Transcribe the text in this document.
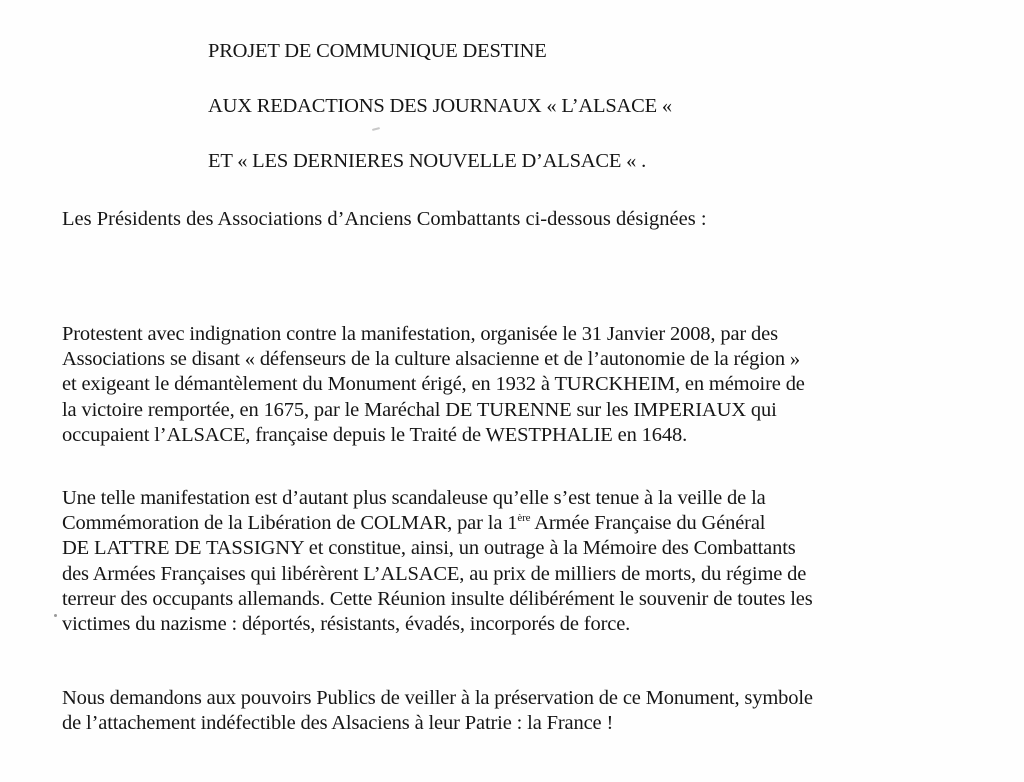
PROJET DE COMMUNIQUE DESTINE
AUX REDACTIONS DES JOURNAUX « L’ALSACE «
ET « LES DERNIERES NOUVELLE D’ALSACE « .
Les Présidents des Associations d’Anciens Combattants ci-dessous désignées :
Protestent avec indignation contre la manifestation, organisée le 31 Janvier 2008, par des
Associations se disant « défenseurs de la culture alsacienne et de l’autonomie de la région »
et exigeant le démantèlement du Monument érigé, en 1932 à TURCKHEIM, en mémoire de
la victoire remportée, en 1675, par le Maréchal DE TURENNE sur les IMPERIAUX qui
occupaient l’ALSACE, française depuis le Traité de WESTPHALIE en 1648.
Une telle manifestation est d’autant plus scandaleuse qu’elle s’est tenue à la veille de la
Commémoration de la Libération de COLMAR, par la 1ère Armée Française du Général
DE LATTRE DE TASSIGNY et constitue, ainsi, un outrage à la Mémoire des Combattants
des Armées Françaises qui libérèrent L’ALSACE, au prix de milliers de morts, du régime de
terreur des occupants allemands. Cette Réunion insulte délibérément le souvenir de toutes les
victimes du nazisme : déportés, résistants, évadés, incorporés de force.
Nous demandons aux pouvoirs Publics de veiller à la préservation de ce Monument, symbole
de l’attachement indéfectible des Alsaciens à leur Patrie : la France !
